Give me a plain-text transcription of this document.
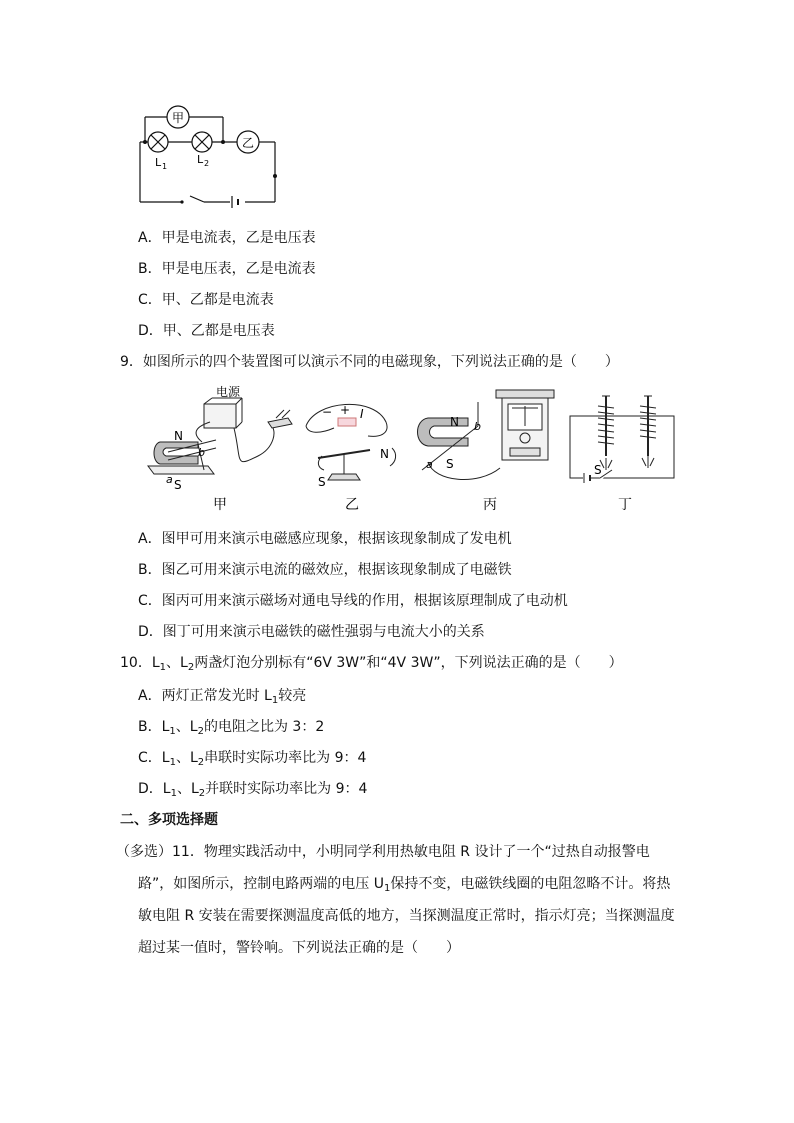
甲
乙
L 1
L 2
A．甲是电流表，乙是电压表
B．甲是电压表，乙是电流表
C．甲、乙都是电流表
D．甲、乙都是电压表
9．如图所示的四个装置图可以演示不同的电磁现象，下列说法正确的是（　　）
电源
N
S
a
b
− + I
S
N
N
S
a
b
S
甲	乙	丙	丁
A．图甲可用来演示电磁感应现象，根据该现象制成了发电机
B．图乙可用来演示电流的磁效应，根据该现象制成了电磁铁
C．图丙可用来演示磁场对通电导线的作用，根据该原理制成了电动机
D．图丁可用来演示电磁铁的磁性强弱与电流大小的关系
10．$L_1$、$L_2$两盏灯泡分别标有“6V 3W”和“4V 3W”，下列说法正确的是（　　）
A．两灯正常发光时 $L_1$较亮
B．$L_1$、$L_2$的电阻之比为 3：2
C．$L_1$、$L_2$串联时实际功率比为 9：4
D．$L_1$、$L_2$并联时实际功率比为 9：4
二、多项选择题
（多选）11．物理实践活动中，小明同学利用热敏电阻 R 设计了一个“过热自动报警电
路”，如图所示，控制电路两端的电压 $U_1$保持不变，电磁铁线圈的电阻忽略不计。将热
敏电阻 R 安装在需要探测温度高低的地方，当探测温度正常时，指示灯亮；当探测温度
超过某一值时，警铃响。下列说法正确的是（　　）
